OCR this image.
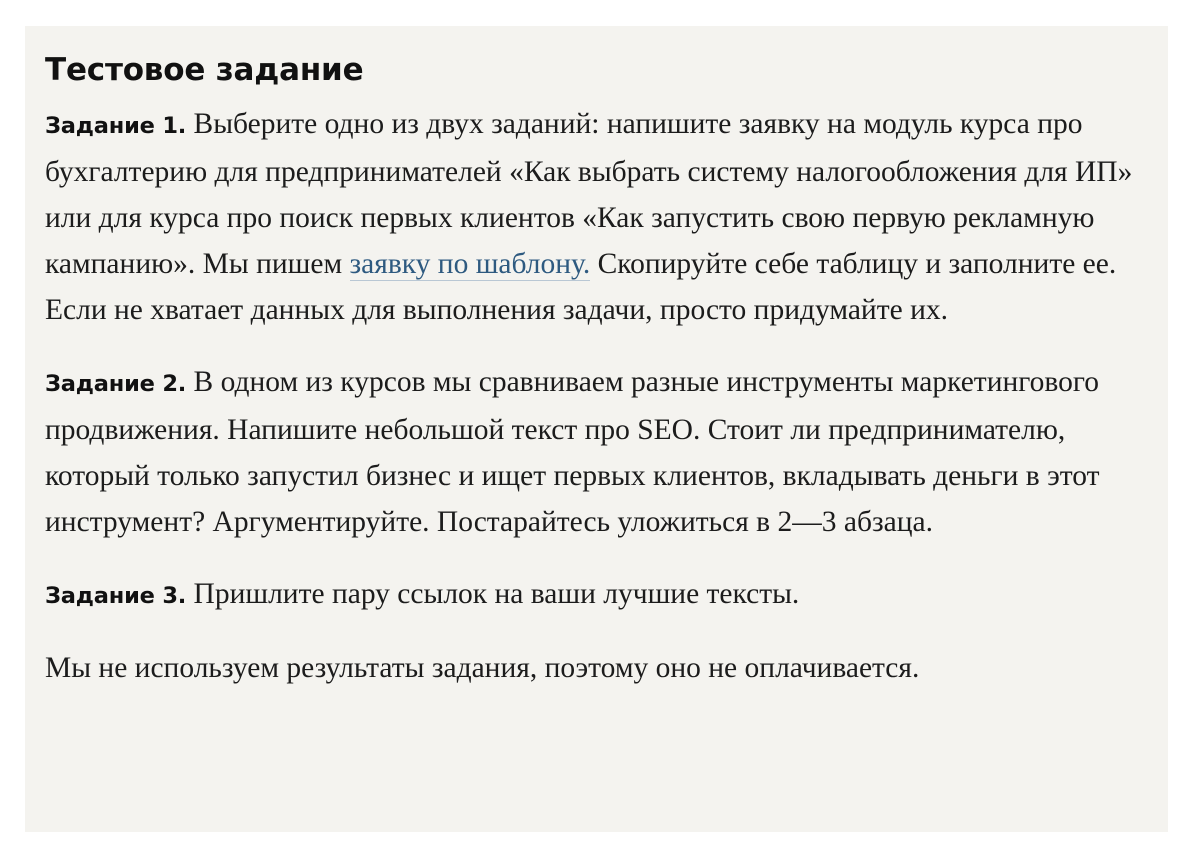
Тестовое задание

Задание 1. Выберите одно из двух заданий: напишите заявку на модуль курса про бухгалтерию для предпринимателей «Как выбрать систему налогообложения для ИП» или для курса про поиск первых клиентов «Как запустить свою первую рекламную кампанию». Мы пишем заявку по шаблону. Скопируйте себе таблицу и заполните ее. Если не хватает данных для выполнения задачи, просто придумайте их.

Задание 2. В одном из курсов мы сравниваем разные инструменты маркетингового продвижения. Напишите небольшой текст про SEO. Стоит ли предпринимателю, который только запустил бизнес и ищет первых клиентов, вкладывать деньги в этот инструмент? Аргументируйте. Постарайтесь уложиться в 2—3 абзаца.

Задание 3. Пришлите пару ссылок на ваши лучшие тексты.

Мы не используем результаты задания, поэтому оно не оплачивается.
